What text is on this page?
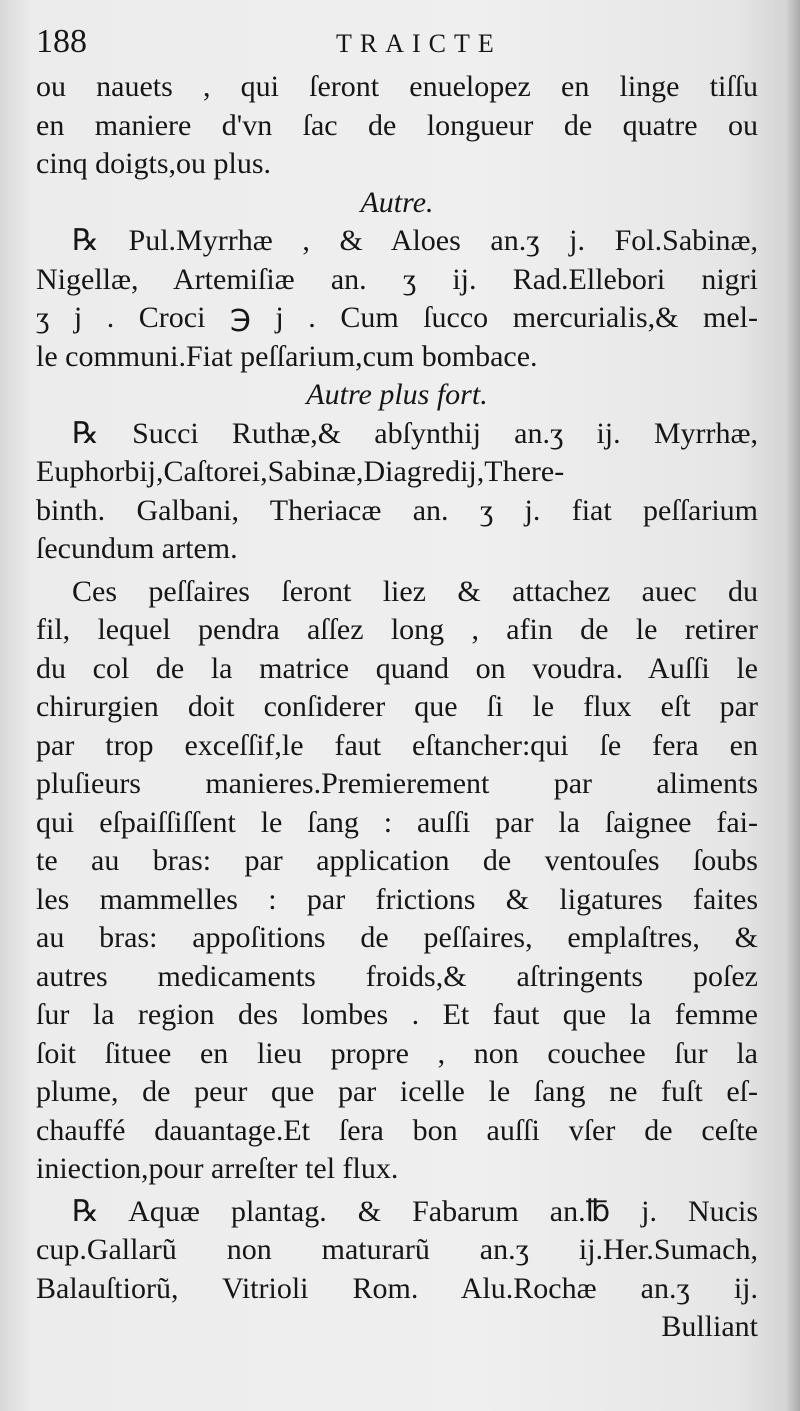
188	TRAICTE
ou nauets , qui ſeront enuelopez en linge tiſſu
en maniere d'vn ſac de longueur de quatre ou
cinq doigts,ou plus.
Autre.
℞ Pul.Myrrhæ , & Aloes an.ʒ j. Fol.Sabinæ,
Nigellæ, Artemiſiæ an. ʒ ij. Rad.Ellebori nigri
ʒ j . Croci ℈ j . Cum ſucco mercurialis,& mel-
le communi.Fiat peſſarium,cum bombace.
Autre plus fort.
℞ Succi Ruthæ,& abſynthij an.ʒ ij. Myrrhæ,
Euphorbij,Caſtorei,Sabinæ,Diagredij,There-
binth. Galbani, Theriacæ an. ʒ j. fiat peſſarium
ſecundum artem.
Ces peſſaires ſeront liez & attachez auec du
fil, lequel pendra aſſez long , afin de le retirer
du col de la matrice quand on voudra. Auſſi le
chirurgien doit conſiderer que ſi le flux eſt par
par trop exceſſif,le faut eſtancher:qui ſe fera en
pluſieurs manieres.Premierement par aliments
qui eſpaiſſiſſent le ſang : auſſi par la ſaignee fai-
te au bras: par application de ventouſes ſoubs
les mammelles : par frictions & ligatures faites
au bras: appoſitions de peſſaires, emplaſtres, &
autres medicaments froids,& aſtringents poſez
ſur la region des lombes . Et faut que la femme
ſoit ſituee en lieu propre , non couchee ſur la
plume, de peur que par icelle le ſang ne fuſt eſ-
chauffé dauantage.Et ſera bon auſſi vſer de ceſte
iniection,pour arreſter tel flux.
℞ Aquæ plantag. & Fabarum an.℔ j. Nucis
cup.Gallarũ non maturarũ an.ʒ ij.Her.Sumach,
Balauſtiorũ, Vitrioli Rom. Alu.Rochæ an.ʒ ij.
Bulliant
